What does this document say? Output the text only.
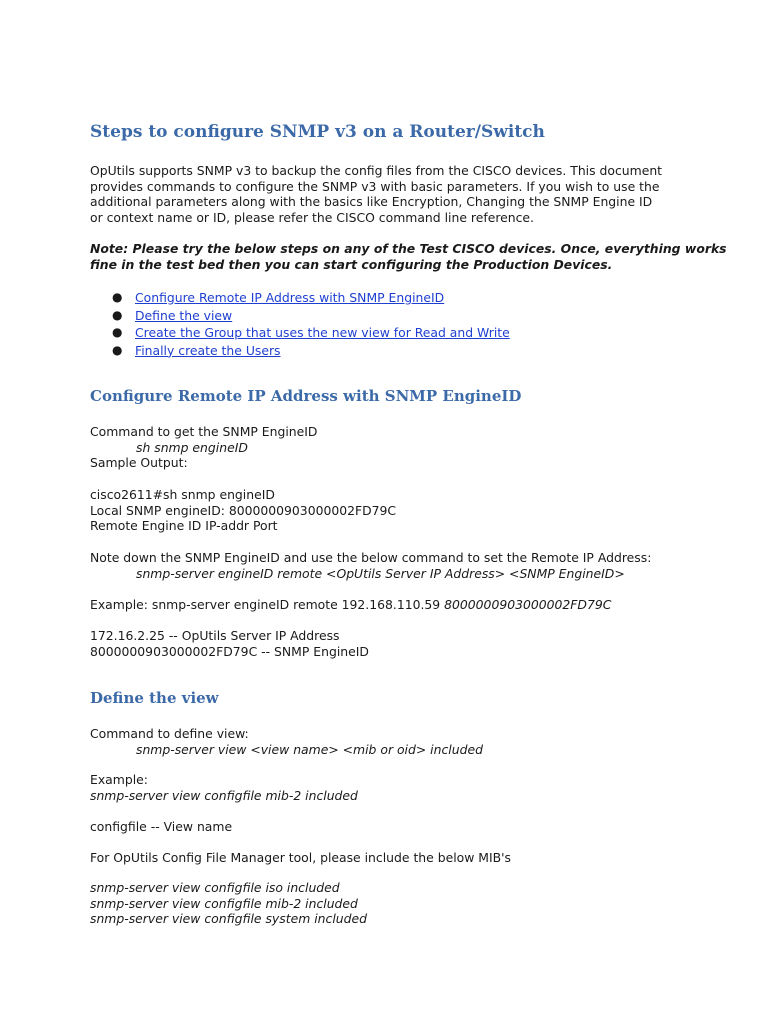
Steps to configure SNMP v3 on a Router/Switch
OpUtils supports SNMP v3 to backup the config files from the CISCO devices. This document
provides commands to configure the SNMP v3 with basic parameters. If you wish to use the
additional parameters along with the basics like Encryption, Changing the SNMP Engine ID
or context name or ID, please refer the CISCO command line reference.
Note: Please try the below steps on any of the Test CISCO devices. Once, everything works
fine in the test bed then you can start configuring the Production Devices.
● Configure Remote IP Address with SNMP EngineID
● Define the view
● Create the Group that uses the new view for Read and Write
● Finally create the Users
Configure Remote IP Address with SNMP EngineID
Command to get the SNMP EngineID
sh snmp engineID
Sample Output:
cisco2611#sh snmp engineID
Local SNMP engineID: 8000000903000002FD79C
Remote Engine ID IP-addr Port
Note down the SNMP EngineID and use the below command to set the Remote IP Address:
snmp-server engineID remote <OpUtils Server IP Address> <SNMP EngineID>
Example: snmp-server engineID remote 192.168.110.59 8000000903000002FD79C
172.16.2.25 -- OpUtils Server IP Address
8000000903000002FD79C -- SNMP EngineID
Define the view
Command to define view:
snmp-server view <view name> <mib or oid> included
Example:
snmp-server view configfile mib-2 included
configfile -- View name
For OpUtils Config File Manager tool, please include the below MIB's
snmp-server view configfile iso included
snmp-server view configfile mib-2 included
snmp-server view configfile system included
